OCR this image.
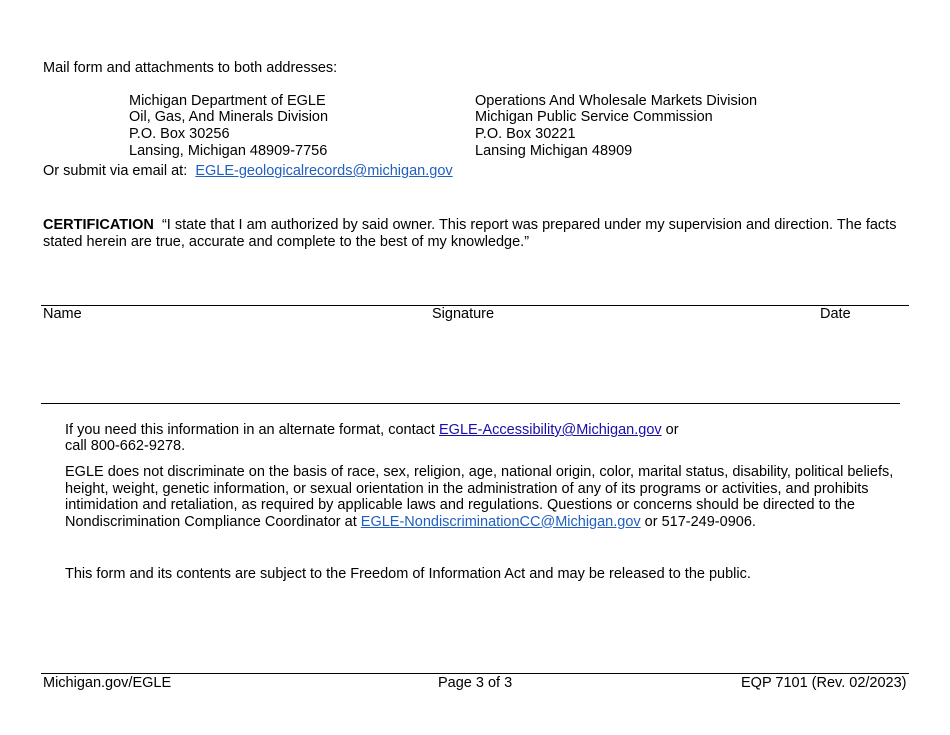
Mail form and attachments to both addresses:
Michigan Department of EGLE
Oil, Gas, And Minerals Division
P.O. Box 30256
Lansing, Michigan 48909-7756
Operations And Wholesale Markets Division
Michigan Public Service Commission
P.O. Box 30221
Lansing Michigan 48909
Or submit via email at: EGLE-geologicalrecords@michigan.gov
CERTIFICATION “I state that I am authorized by said owner. This report was prepared under my supervision and direction. The facts stated herein are true, accurate and complete to the best of my knowledge.”
Name	Signature	Date
If you need this information in an alternate format, contact EGLE-Accessibility@Michigan.gov or
call 800-662-9278.
EGLE does not discriminate on the basis of race, sex, religion, age, national origin, color, marital status, disability, political beliefs, height, weight, genetic information, or sexual orientation in the administration of any of its programs or activities, and prohibits intimidation and retaliation, as required by applicable laws and regulations. Questions or concerns should be directed to the Nondiscrimination Compliance Coordinator at EGLE-NondiscriminationCC@Michigan.gov or 517-249-0906.
This form and its contents are subject to the Freedom of Information Act and may be released to the public.
Michigan.gov/EGLE	Page 3 of 3	EQP 7101 (Rev. 02/2023)
